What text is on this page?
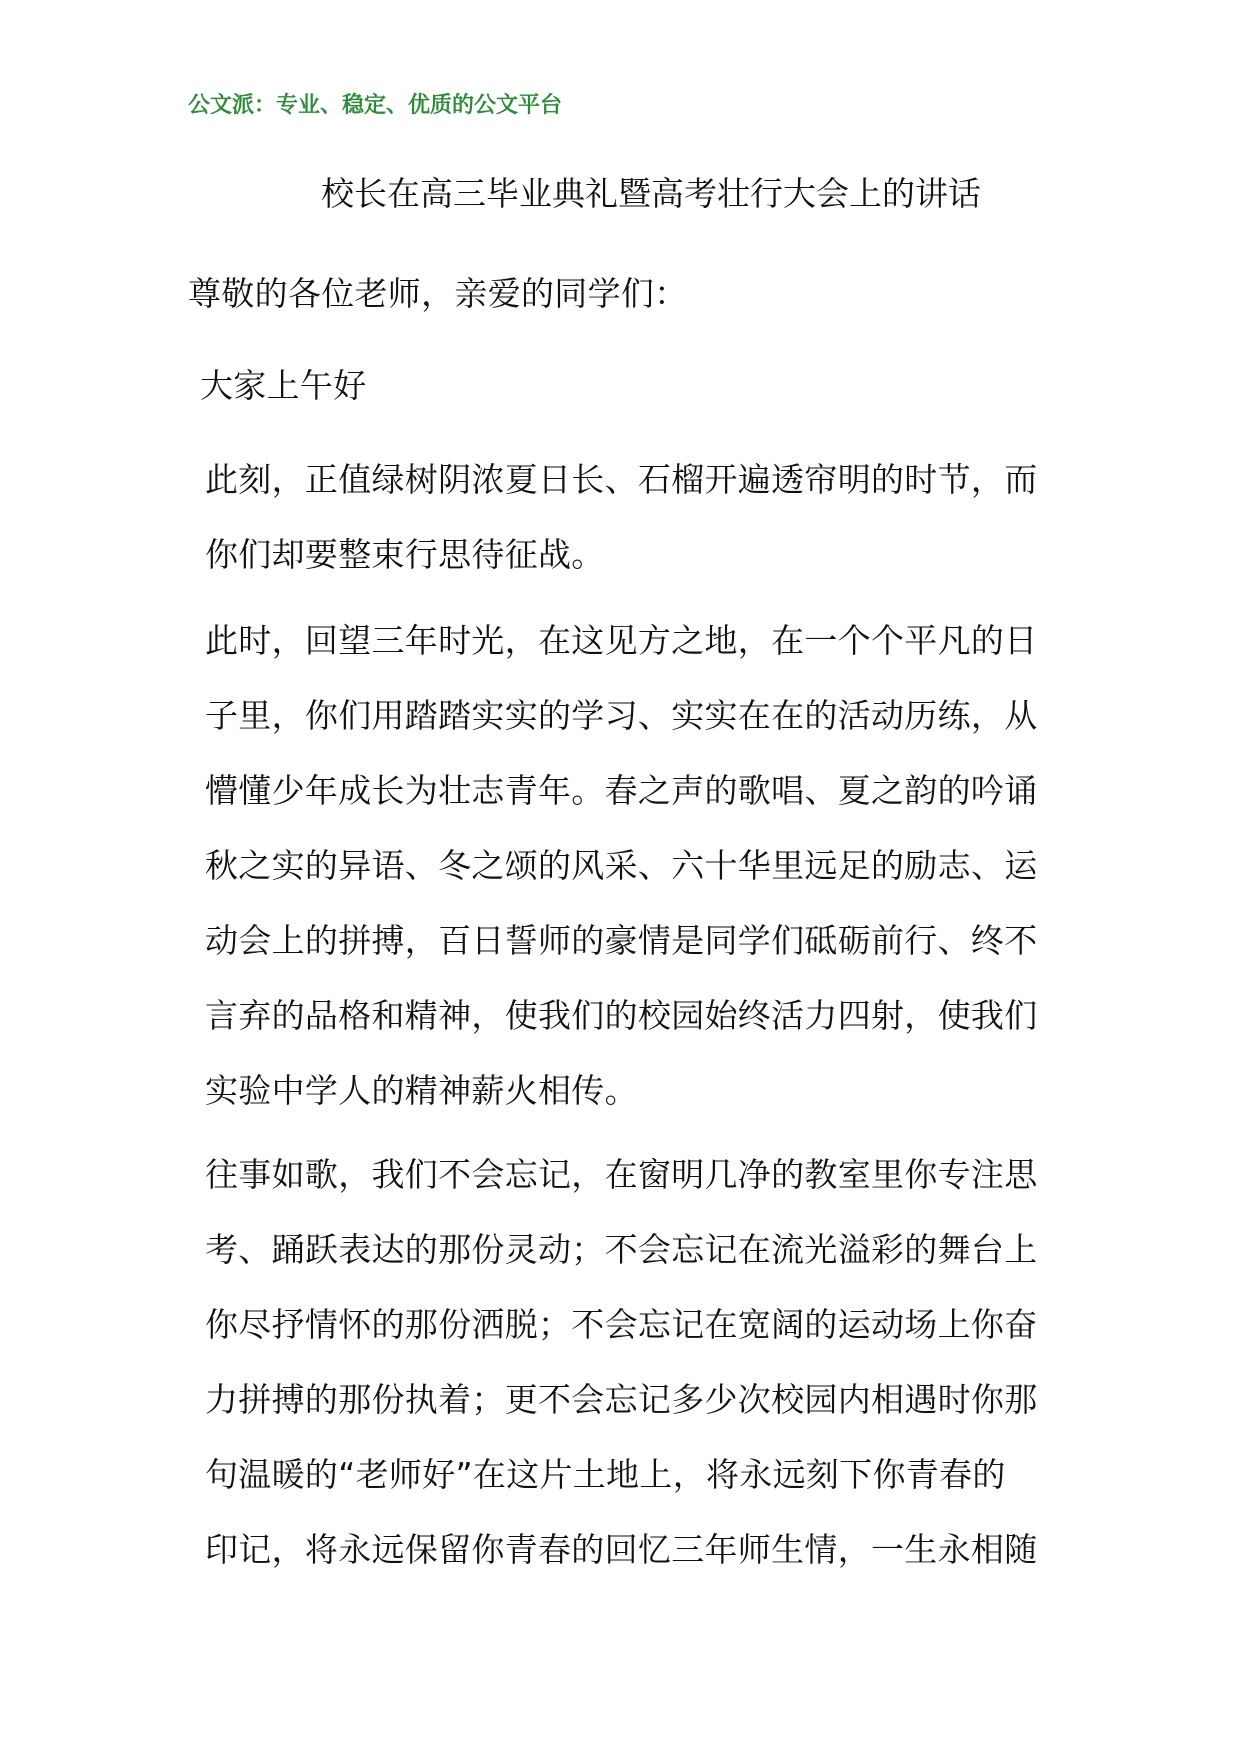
公文派：专业、稳定、优质的公文平台
校长在高三毕业典礼暨高考壮行大会上的讲话
尊敬的各位老师，亲爱的同学们：
大家上午好
此刻，正值绿树阴浓夏日长、石榴开遍透帘明的时节，而
你们却要整束行思待征战。
此时，回望三年时光，在这见方之地，在一个个平凡的日
子里，你们用踏踏实实的学习、实实在在的活动历练，从
懵懂少年成长为壮志青年。春之声的歌唱、夏之韵的吟诵
秋之实的异语、冬之颂的风采、六十华里远足的励志、运
动会上的拼搏，百日誓师的豪情是同学们砥砺前行、终不
言弃的品格和精神，使我们的校园始终活力四射，使我们
实验中学人的精神薪火相传。
往事如歌，我们不会忘记，在窗明几净的教室里你专注思
考、踊跃表达的那份灵动；不会忘记在流光溢彩的舞台上
你尽抒情怀的那份洒脱；不会忘记在宽阔的运动场上你奋
力拼搏的那份执着；更不会忘记多少次校园内相遇时你那
句温暖的“老师好”在这片土地上，将永远刻下你青春的
印记，将永远保留你青春的回忆三年师生情，一生永相随
